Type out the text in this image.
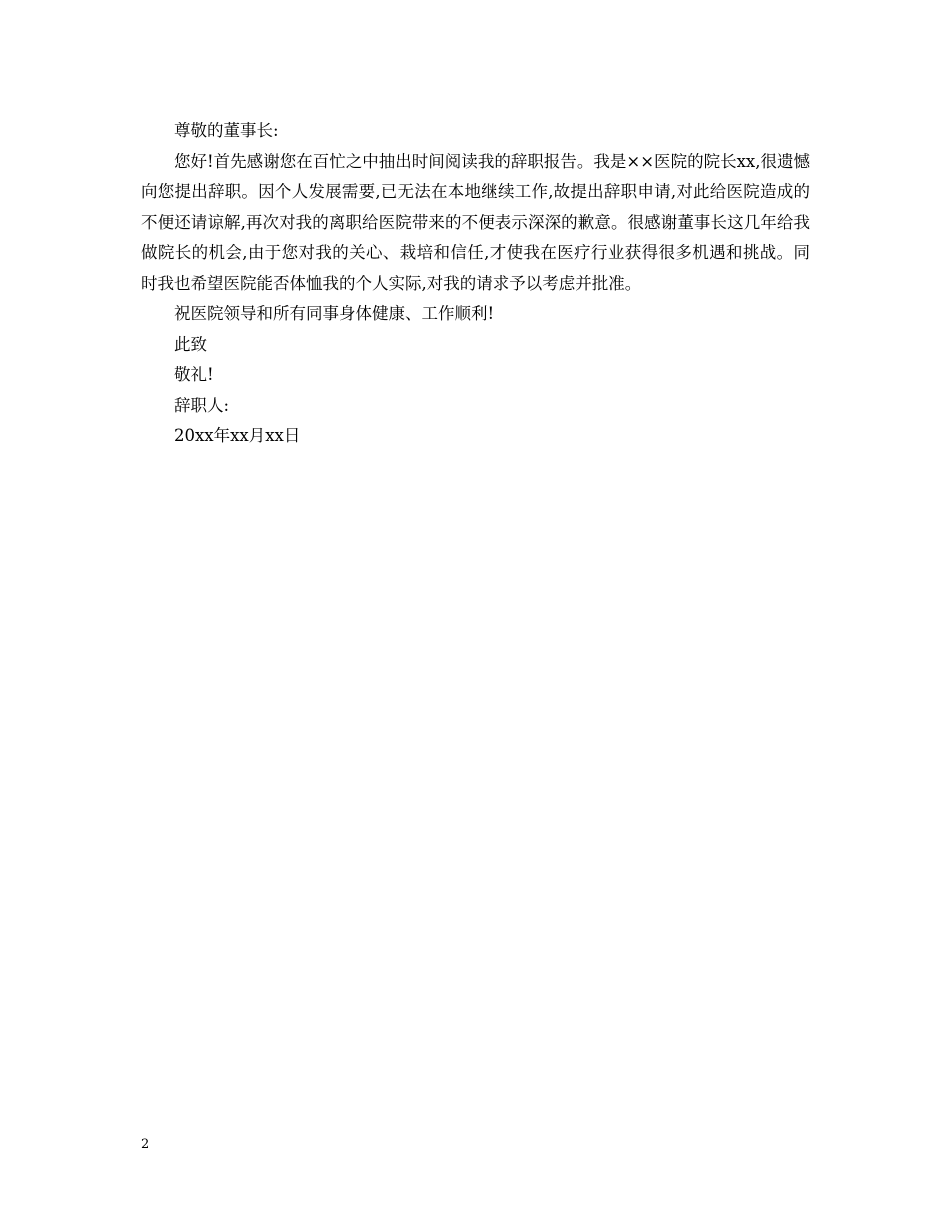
尊敬的董事长:

您好!首先感谢您在百忙之中抽出时间阅读我的辞职报告。我是××医院的院长xx,很遗憾向您提出辞职。因个人发展需要,已无法在本地继续工作,故提出辞职申请,对此给医院造成的不便还请谅解,再次对我的离职给医院带来的不便表示深深的歉意。很感谢董事长这几年给我做院长的机会,由于您对我的关心、栽培和信任,才使我在医疗行业获得很多机遇和挑战。同时我也希望医院能否体恤我的个人实际,对我的请求予以考虑并批准。

祝医院领导和所有同事身体健康、工作顺利!

此致

敬礼!

辞职人:

20xx年xx月xx日

2
